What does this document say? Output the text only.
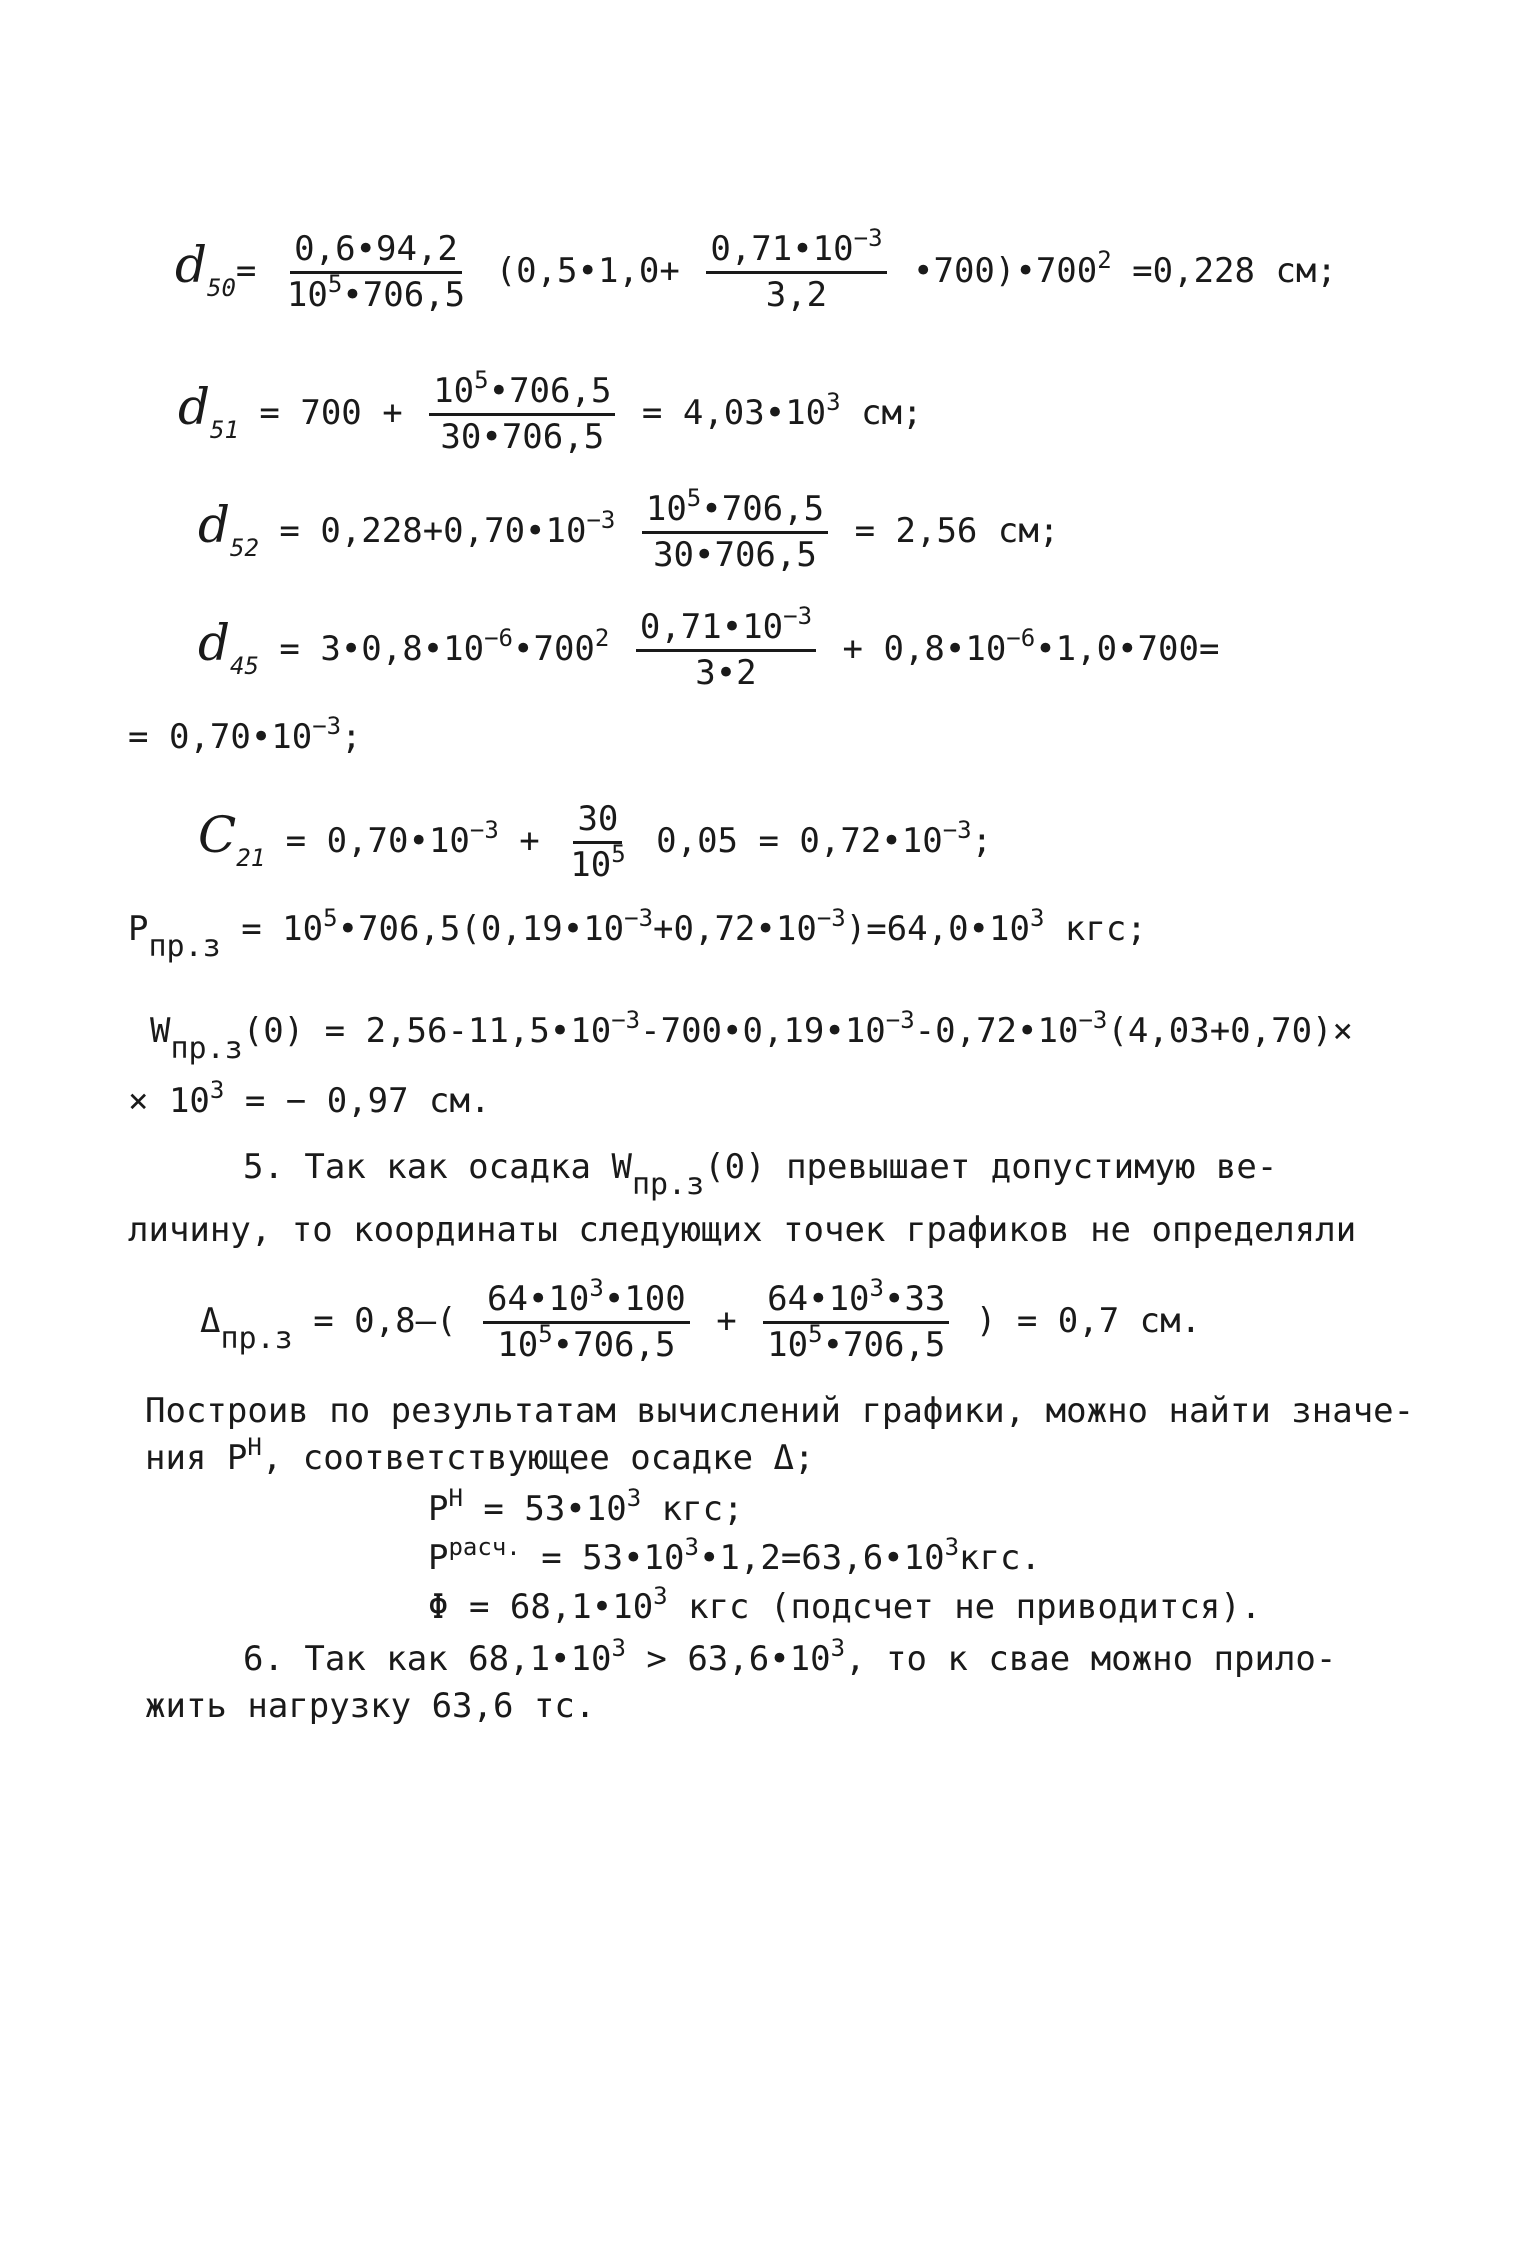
$d_{50}= \frac{0,6•94,2}{10^5•706,5}$ (0,5•1,0+ $\frac{0,71•10^{-3}}{3,2}$ $•700)•700^2 =0,228$ см;
$d_{51} = 700 + \frac{10^5•706,5}{30•706,5}$ = $4,03•10^3$ см;
$d_{52}$ = $0,228+0,70•10^{-3} \frac{10^5•706,5}{30•706,5} = 2,56$ см;
$d_{45}$ = $3•0,8•10^{-6}•700^2 \frac{0,71•10^{-3}}{3•2}$ + $0,8•10^{-6}•1,0•700=$
= $0,70•10^{-3}$;
$C_{21}$ = $0,70•10^{-3} + \frac{30}{10^5} 0,05$ = $0,72•10^{-3}$;
$Pпр.з = 10^5•706,5(0,19•10^{-3}+0,72•10^{-3})=64,0•10^3$ кгс;
$Wпр.з(0) = 2,56-11,5•10^{-3}-700•0,19•10^{-3}-0,72•10^{-3}(4,03+0,70)\times$
× $10^3$ = − 0,97 см.
5. Так как осадка Wпр.з(0) превышает допустимую ве-
личину, то координаты следующих точек графиков не определяли
$\Delta пр.з = 0,8-( \frac{64•10^3•100}{10^5•706,5} + \frac{64•10^3•33}{10^5•706,5}$ ) = 0,7 см.
Построив по результатам вычислений графики, можно найти значе-
ния $P^Н$, соответствующее осадке Δ;
$P^Н$ = $53•10^3$ кгс;
$P^{расч.}$ = $53•10^3•1,2=63,6•10^3кгс$.
$\Phi = 68,1•10^3$ кгс (подсчет не приводится).
6. Так как $68,1•10^3$ > $63,6•10^3$, то к свае можно прило-
жить нагрузку 63,6 тс.
